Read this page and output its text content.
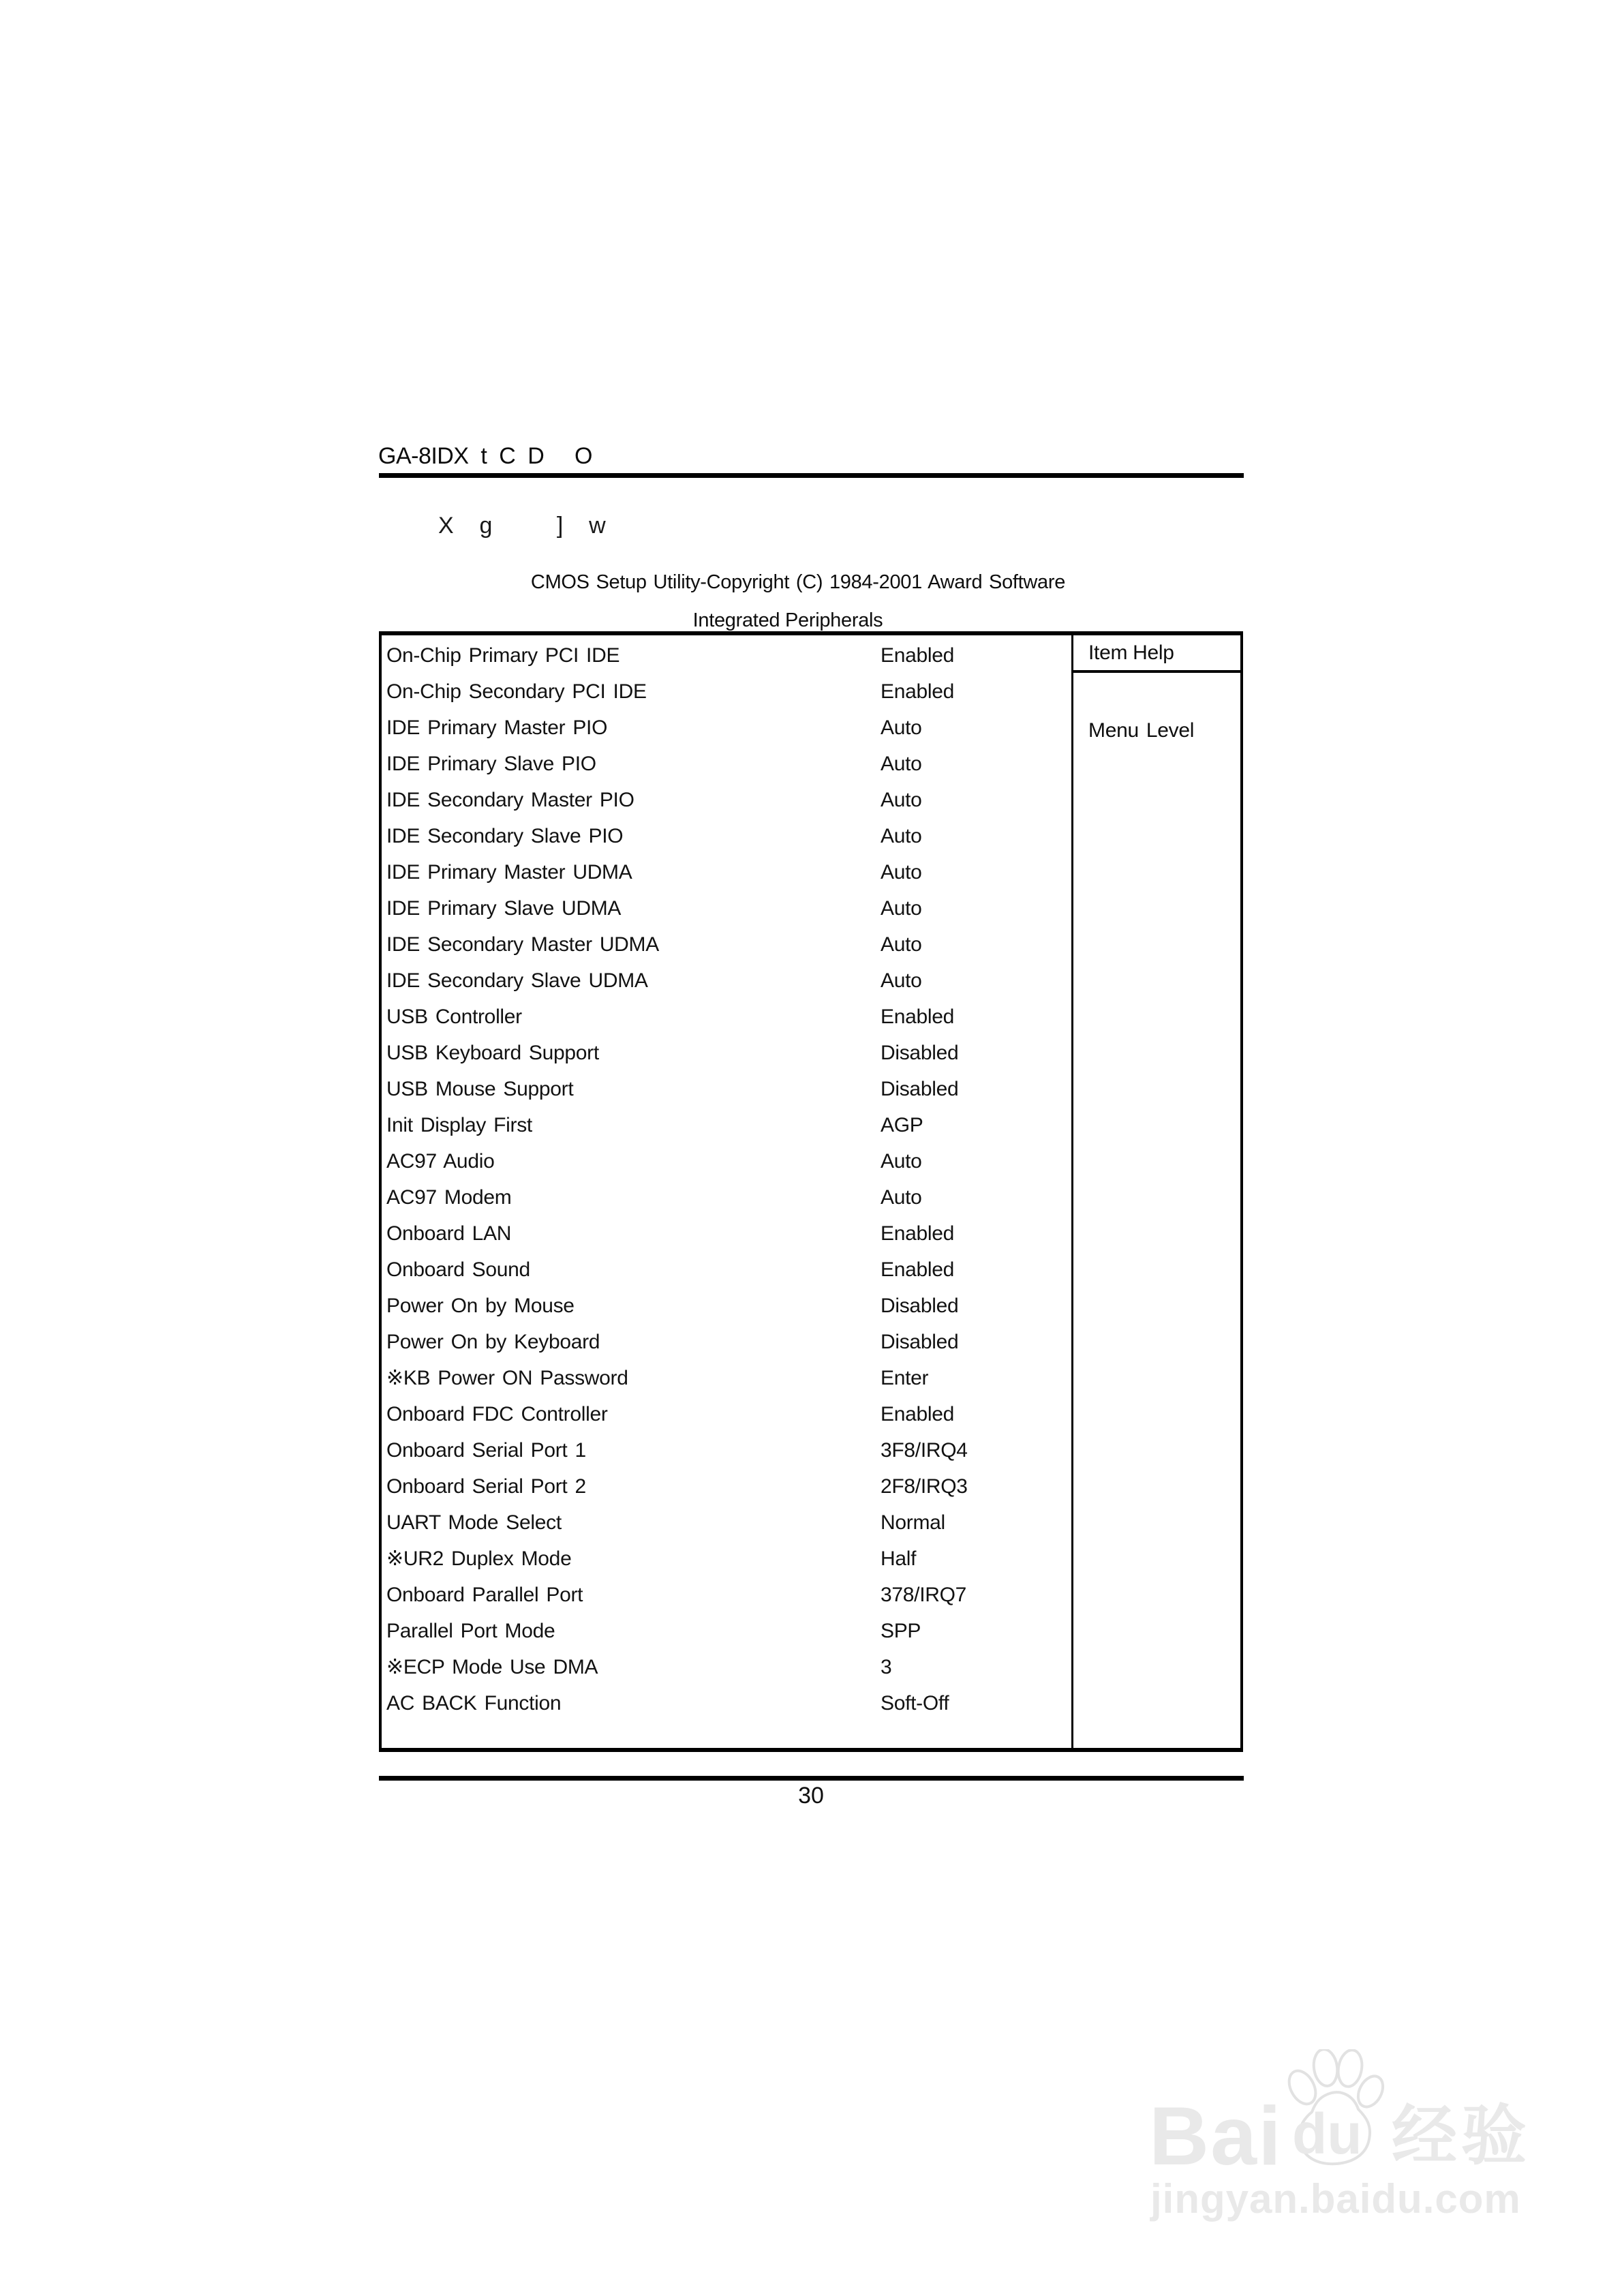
GA-8IDX  t  C  D     O
X    g          ]    w
CMOS Setup Utility-Copyright (C) 1984-2001 Award Software
Integrated Peripherals
On-Chip Primary PCI IDE	Enabled
On-Chip Secondary PCI IDE	Enabled
IDE Primary Master PIO	Auto
IDE Primary Slave PIO	Auto
IDE Secondary Master PIO	Auto
IDE Secondary Slave PIO	Auto
IDE Primary Master UDMA	Auto
IDE Primary Slave UDMA	Auto
IDE Secondary Master UDMA	Auto
IDE Secondary Slave UDMA	Auto
USB Controller	Enabled
USB Keyboard Support	Disabled
USB Mouse Support	Disabled
Init Display First	AGP
AC97 Audio	Auto
AC97 Modem	Auto
Onboard LAN	Enabled
Onboard Sound	Enabled
Power On by Mouse	Disabled
Power On by Keyboard	Disabled
※KB Power ON Password	Enter
Onboard FDC Controller	Enabled
Onboard Serial Port 1	3F8/IRQ4
Onboard Serial Port 2	2F8/IRQ3
UART Mode Select	Normal
※UR2 Duplex Mode	Half
Onboard Parallel Port	378/IRQ7
Parallel Port Mode	SPP
※ECP Mode Use DMA	3
AC BACK Function	Soft-Off
Item Help
Menu Level
30
Bai du 经验
jingyan.baidu.com
